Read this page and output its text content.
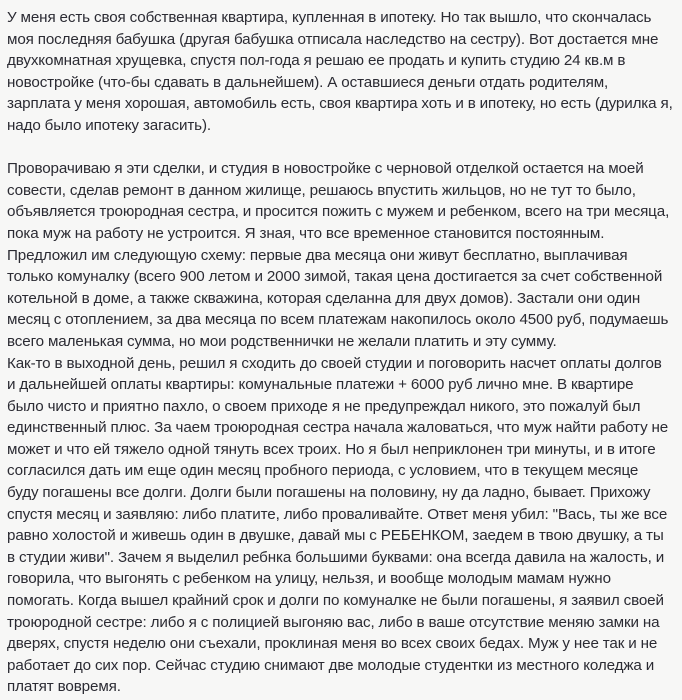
У меня есть своя собственная квартира, купленная в ипотеку. Но так вышло, что скончалась моя последняя бабушка (другая бабушка отписала наследство на сестру). Вот достается мне двухкомнатная хрущевка, спустя пол-года я решаю ее продать и купить студию 24 кв.м в новостройке (что-бы сдавать в дальнейшем). А оставшиеся деньги отдать родителям, зарплата у меня хорошая, автомобиль есть, своя квартира хоть и в ипотеку, но есть (дурилка я, надо было ипотеку загасить).

Проворачиваю я эти сделки, и студия в новостройке с черновой отделкой остается на моей совести, сделав ремонт в данном жилище, решаюсь впустить жильцов, но не тут то было, объявляется троюродная сестра, и просится пожить с мужем и ребенком, всего на три месяца, пока муж на работу не устроится. Я зная, что все временное становится постоянным. Предложил им следующую схему: первые два месяца они живут бесплатно, выплачивая только комуналку (всего 900 летом и 2000 зимой, такая цена достигается за счет собственной котельной в доме, а также скважина, которая сделанна для двух домов). Застали они один месяц с отоплением, за два месяца по всем платежам накопилось около 4500 руб, подумаешь всего маленькая сумма, но мои родственнички не желали платить и эту сумму.

Как-то в выходной день, решил я сходить до своей студии и поговорить насчет оплаты долгов и дальнейшей оплаты квартиры: комунальные платежи + 6000 руб лично мне. В квартире было чисто и приятно пахло, о своем приходе я не предупреждал никого, это пожалуй был единственный плюс. За чаем троюродная сестра начала жаловаться, что муж найти работу не может и что ей тяжело одной тянуть всех троих. Но я был неприклонен три минуты, и в итоге согласился дать им еще один месяц пробного периода, с условием, что в текущем месяце буду погашены все долги. Долги были погашены на половину, ну да ладно, бывает. Прихожу спустя месяц и заявляю: либо платите, либо проваливайте. Ответ меня убил: "Вась, ты же все равно холостой и живешь один в двушке, давай мы с РЕБЕНКОМ, заедем в твою двушку, а ты в студии живи". Зачем я выделил ребнка большими буквами: она всегда давила на жалость, и говорила, что выгонять с ребенком на улицу, нельзя, и вообще молодым мамам нужно помогать. Когда вышел крайний срок и долги по комуналке не были погашены, я заявил своей троюродной сестре: либо я с полицией выгоняю вас, либо в ваше отсутствие меняю замки на дверях, спустя неделю они съехали, проклиная меня во всех своих бедах. Муж у нее так и не работает до сих пор. Сейчас студию снимают две молодые студентки из местного коледжа и платят вовремя.
